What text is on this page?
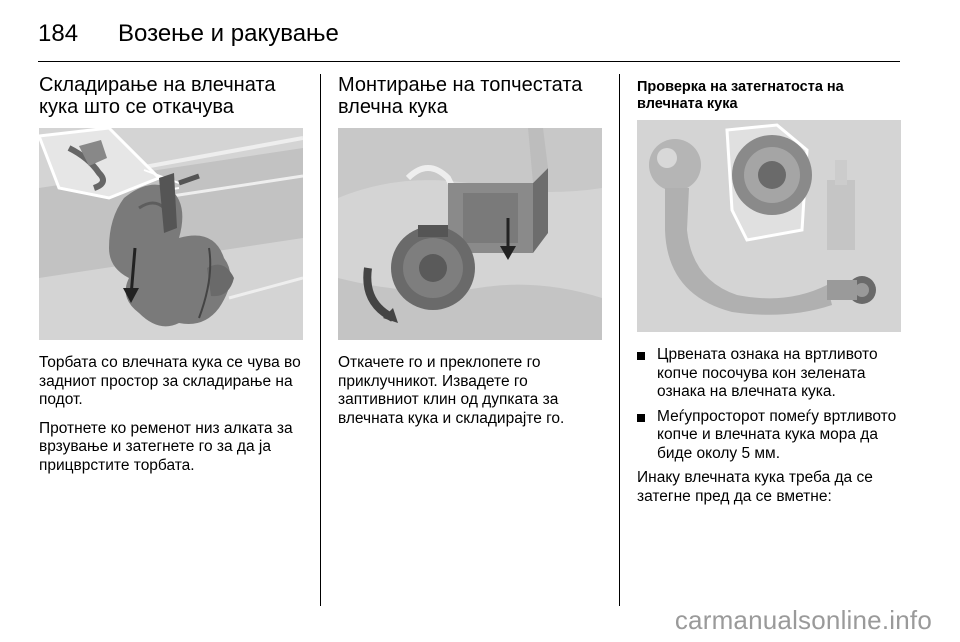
184 Возење и ракување
Складирање на влечната кука што се откачува

Торбата со влечната кука се чува во задниот простор за складирање на подот.

Протнете ко ременот низ алката за врзување и затегнете го за да ја прицврстите торбата.

Монтирање на топчестата влечна кука

Откачете го и преклопете го приклучникот. Извадете го заптивниот клин од дупката за влечната кука и складирајте го.

Проверка на затегнатоста на влечната кука
Црвената ознака на вртливото копче посочува кон зелената ознака на влечната кука.
Меѓупросторот помеѓу вртливото копче и влечната кука мора да биде околу 5 мм.

Инаку влечната кука треба да се затегне пред да се вметне:

carmanualsonline.info
